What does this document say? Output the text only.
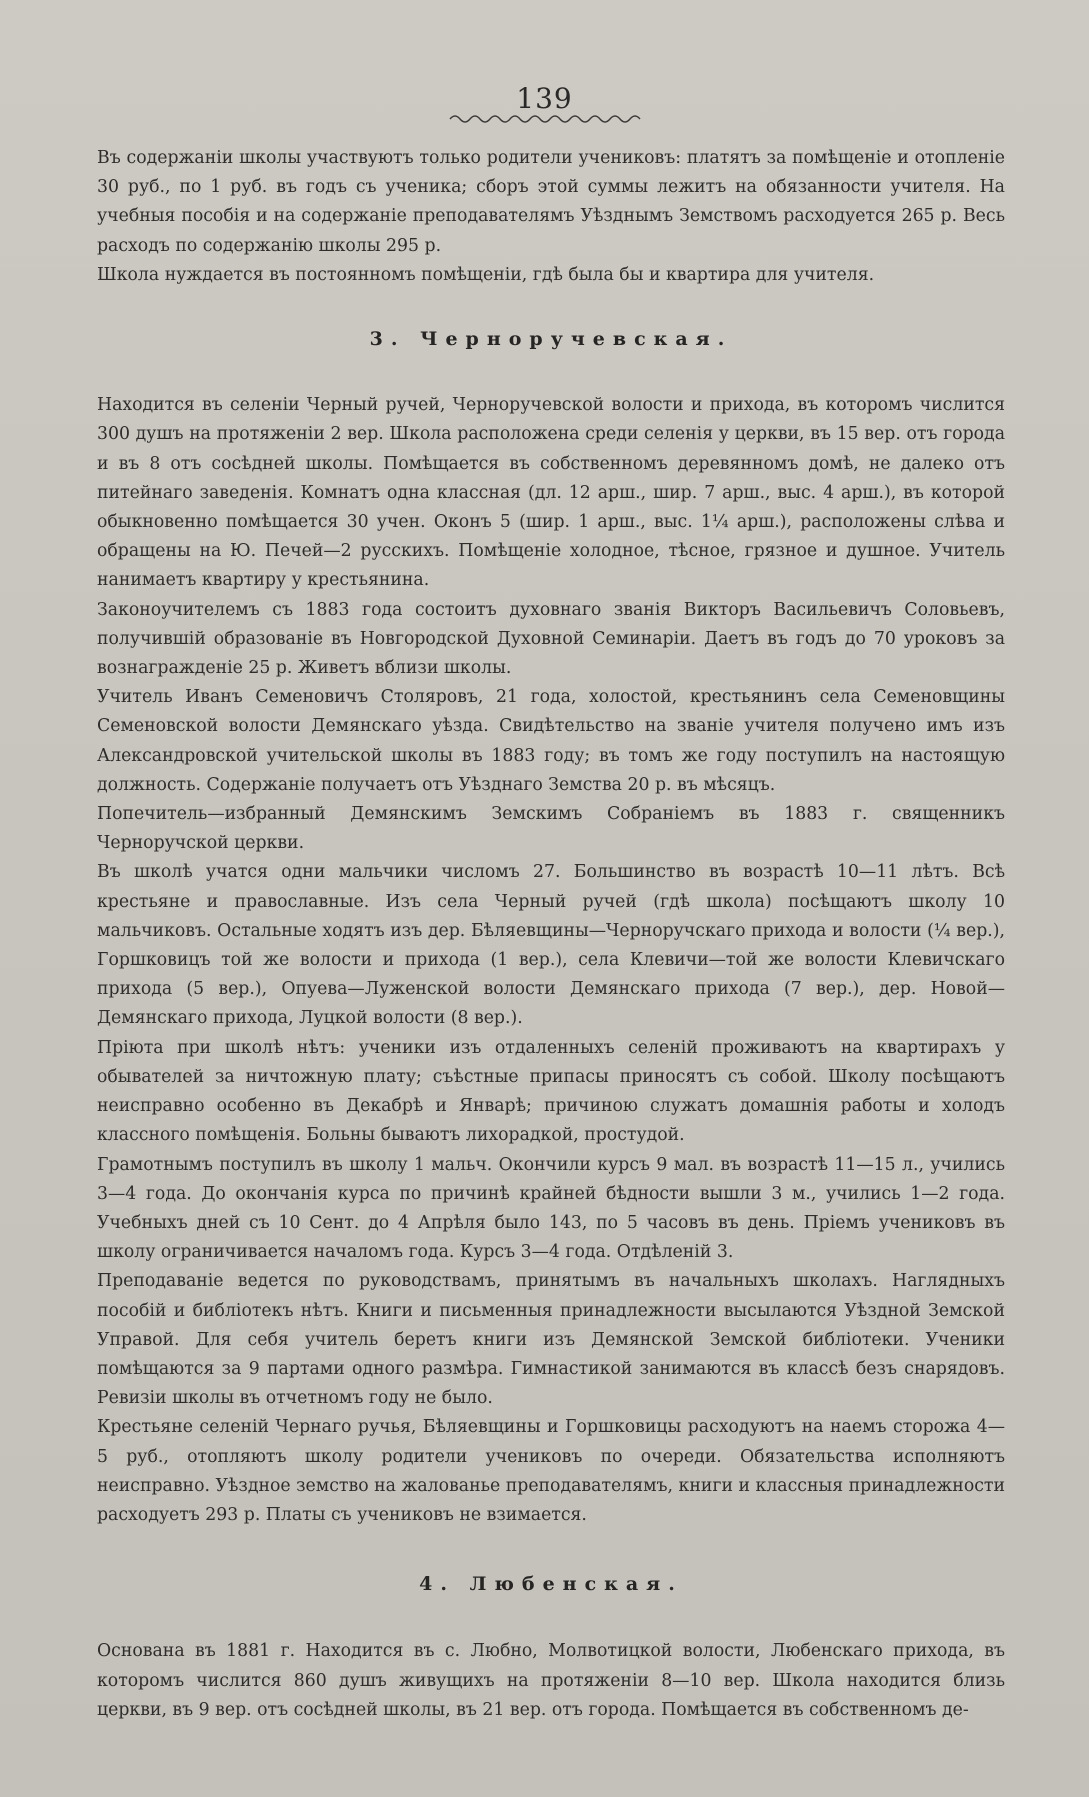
139

Въ содержаніи школы участвуютъ только родители учениковъ: платятъ за помѣщеніе и отопленіе 30 руб., по 1 руб. въ годъ съ ученика; сборъ этой суммы лежитъ на обязанности учителя. На учебныя пособія и на содержаніе преподавателямъ Уѣзднымъ Земствомъ расходуется 265 р. Весь расходъ по содержанію школы 295 р.

Школа нуждается въ постоянномъ помѣщеніи, гдѣ была бы и квартира для учителя.

3. Черноручевская.

Находится въ селеніи Черный ручей, Черноручевской волости и прихода, въ которомъ числится 300 душъ на протяженіи 2 вер. Школа расположена среди селенія у церкви, въ 15 вер. отъ города и въ 8 отъ сосѣдней школы. Помѣщается въ собственномъ деревянномъ домѣ, не далеко отъ питейнаго заведенія. Комнатъ одна классная (дл. 12 арш., шир. 7 арш., выс. 4 арш.), въ которой обыкновенно помѣщается 30 учен. Оконъ 5 (шир. 1 арш., выс. 1¼ арш.), расположены слѣва и обращены на Ю. Печей—2 русскихъ. Помѣщеніе холодное, тѣсное, грязное и душное. Учитель нанимаетъ квартиру у крестьянина.

Законоучителемъ съ 1883 года состоитъ духовнаго званія Викторъ Васильевичъ Соловьевъ, получившій образованіе въ Новгородской Духовной Семинаріи. Даетъ въ годъ до 70 уроковъ за вознагражденіе 25 р. Живетъ вблизи школы.

Учитель Иванъ Семеновичъ Столяровъ, 21 года, холостой, крестьянинъ села Семеновщины Семеновской волости Демянскаго уѣзда. Свидѣтельство на званіе учителя получено имъ изъ Александровской учительской школы въ 1883 году; въ томъ же году поступилъ на настоящую должность. Содержаніе получаетъ отъ Уѣзднаго Земства 20 р. въ мѣсяцъ.

Попечитель—избранный Демянскимъ Земскимъ Собраніемъ въ 1883 г. священникъ Черноручской церкви.

Въ школѣ учатся одни мальчики числомъ 27. Большинство въ возрастѣ 10—11 лѣтъ. Всѣ крестьяне и православные. Изъ села Черный ручей (гдѣ школа) посѣщаютъ школу 10 мальчиковъ. Остальные ходятъ изъ дер. Бѣляевщины—Черноручскаго прихода и волости (¼ вер.), Горшковицъ той же волости и прихода (1 вер.), села Клевичи—той же волости Клевичскаго прихода (5 вер.), Опуева—Луженской волости Демянскаго прихода (7 вер.), дер. Новой—Демянскаго прихода, Луцкой волости (8 вер.).

Пріюта при школѣ нѣтъ: ученики изъ отдаленныхъ селеній проживаютъ на квартирахъ у обывателей за ничтожную плату; съѣстные припасы приносятъ съ собой. Школу посѣщаютъ неисправно особенно въ Декабрѣ и Январѣ; причиною служатъ домашнія работы и холодъ классного помѣщенія. Больны бываютъ лихорадкой, простудой.

Грамотнымъ поступилъ въ школу 1 мальч. Окончили курсъ 9 мал. въ возрастѣ 11—15 л., учились 3—4 года. До окончанія курса по причинѣ крайней бѣдности вышли 3 м., учились 1—2 года. Учебныхъ дней съ 10 Сент. до 4 Апрѣля было 143, по 5 часовъ въ день. Пріемъ учениковъ въ школу ограничивается началомъ года. Курсъ 3—4 года. Отдѣленій 3.

Преподаваніе ведется по руководствамъ, принятымъ въ начальныхъ школахъ. Наглядныхъ пособій и библіотекъ нѣтъ. Книги и письменныя принадлежности высылаются Уѣздной Земской Управой. Для себя учитель беретъ книги изъ Демянской Земской библіотеки. Ученики помѣщаются за 9 партами одного размѣра. Гимнастикой занимаются въ классѣ безъ снарядовъ. Ревизіи школы въ отчетномъ году не было.

Крестьяне селеній Чернаго ручья, Бѣляевщины и Горшковицы расходуютъ на наемъ сторожа 4—5 руб., отопляютъ школу родители учениковъ по очереди. Обязательства исполняютъ неисправно. Уѣздное земство на жалованье преподавателямъ, книги и классныя принадлежности расходуетъ 293 р. Платы съ учениковъ не взимается.

4. Любенская.

Основана въ 1881 г. Находится въ с. Любно, Молвотицкой волости, Любенскаго прихода, въ которомъ числится 860 душъ живущихъ на протяженіи 8—10 вер. Школа находится близь церкви, въ 9 вер. отъ сосѣдней школы, въ 21 вер. отъ города. Помѣщается въ собственномъ де-
